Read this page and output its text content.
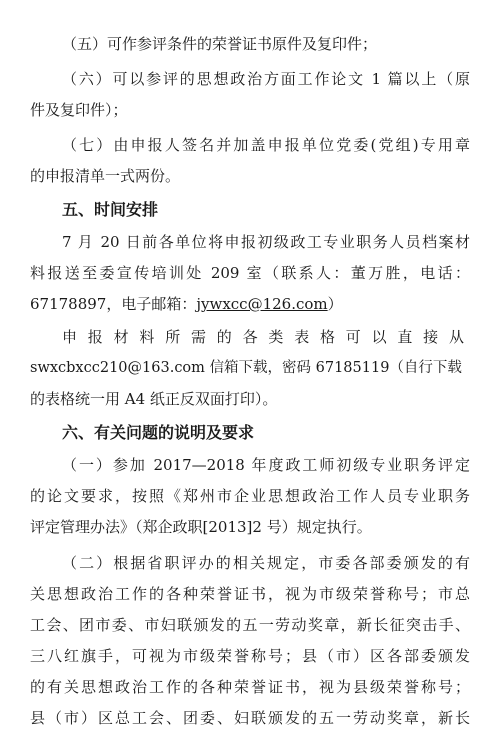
（五）可作参评条件的荣誉证书原件及复印件；
（六）可以参评的思想政治方面工作论文 1 篇以上（原
件及复印件）；
（七）由申报人签名并加盖申报单位党委(党组)专用章
的申报清单一式两份。
五、时间安排
7 月 20 日前各单位将申报初级政工专业职务人员档案材
料报送至委宣传培训处 209 室（联系人：董万胜，电话：
67178897，电子邮箱：jywxcc@126.com）
申报材料所需的各类表格可以直接从
swxcbxcc210@163.com 信箱下载，密码 67185119（自行下载
的表格统一用 A4 纸正反双面打印）。
六、有关问题的说明及要求
（一）参加 2017—2018 年度政工师初级专业职务评定
的论文要求，按照《郑州市企业思想政治工作人员专业职务
评定管理办法》（郑企政职[2013]2 号）规定执行。
（二）根据省职评办的相关规定，市委各部委颁发的有
关思想政治工作的各种荣誉证书，视为市级荣誉称号；市总
工会、团市委、市妇联颁发的五一劳动奖章，新长征突击手、
三八红旗手，可视为市级荣誉称号；县（市）区各部委颁发
的有关思想政治工作的各种荣誉证书，视为县级荣誉称号；
县（市）区总工会、团委、妇联颁发的五一劳动奖章，新长
